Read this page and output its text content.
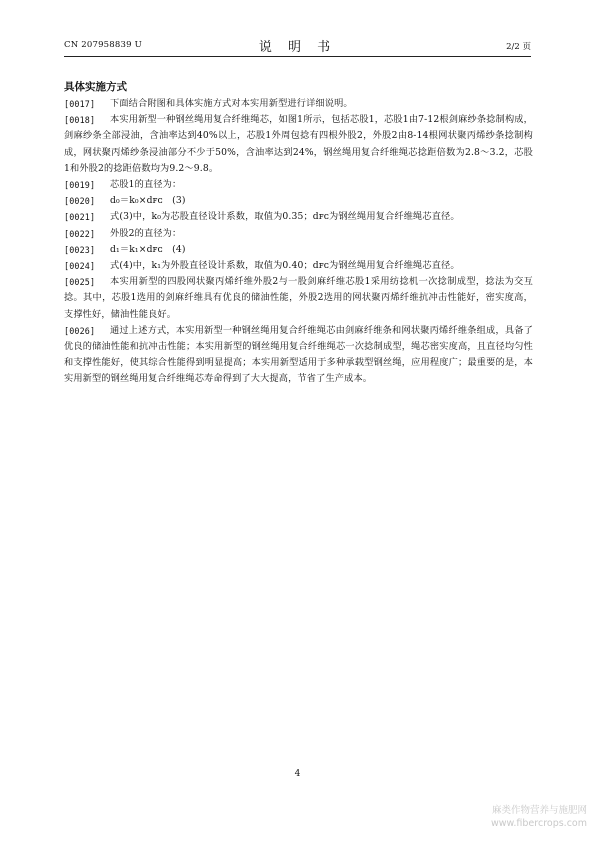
CN 207958839 U	说 明 书	2/2 页
具体实施方式
[0017]	下面结合附图和具体实施方式对本实用新型进行详细说明。
[0018]	本实用新型一种钢丝绳用复合纤维绳芯，如图1所示，包括芯股1，芯股1由7-12根剑麻纱条捻制构成，剑麻纱条全部浸油，含油率达到40%以上，芯股1外周包捻有四根外股2，外股2由8-14根网状聚丙烯纱条捻制构成，网状聚丙烯纱条浸油部分不少于50%，含油率达到24%，钢丝绳用复合纤维绳芯捻距倍数为2.8～3.2，芯股1和外股2的捻距倍数均为9.2～9.8。
[0019]	芯股1的直径为：
[0020]	d₀＝k₀×dꜰᴄ　(3)
[0021]	式(3)中，k₀为芯股直径设计系数，取值为0.35；dꜰᴄ为钢丝绳用复合纤维绳芯直径。
[0022]	外股2的直径为：
[0023]	d₁＝k₁×dꜰᴄ　(4)
[0024]	式(4)中，k₁为外股直径设计系数，取值为0.40；dꜰᴄ为钢丝绳用复合纤维绳芯直径。
[0025]	本实用新型的四股网状聚丙烯纤维外股2与一股剑麻纤维芯股1采用纺捻机一次捻制成型，捻法为交互捻。其中，芯股1选用的剑麻纤维具有优良的储油性能，外股2选用的网状聚丙烯纤维抗冲击性能好，密实度高，支撑性好，储油性能良好。
[0026]	通过上述方式，本实用新型一种钢丝绳用复合纤维绳芯由剑麻纤维条和网状聚丙烯纤维条组成，具备了优良的储油性能和抗冲击性能；本实用新型的钢丝绳用复合纤维绳芯一次捻制成型，绳芯密实度高，且直径均匀性和支撑性能好，使其综合性能得到明显提高；本实用新型适用于多种承载型钢丝绳，应用程度广；最重要的是，本实用新型的钢丝绳用复合纤维绳芯寿命得到了大大提高，节省了生产成本。
4
麻类作物营养与施肥网
www.fibercrops.com
